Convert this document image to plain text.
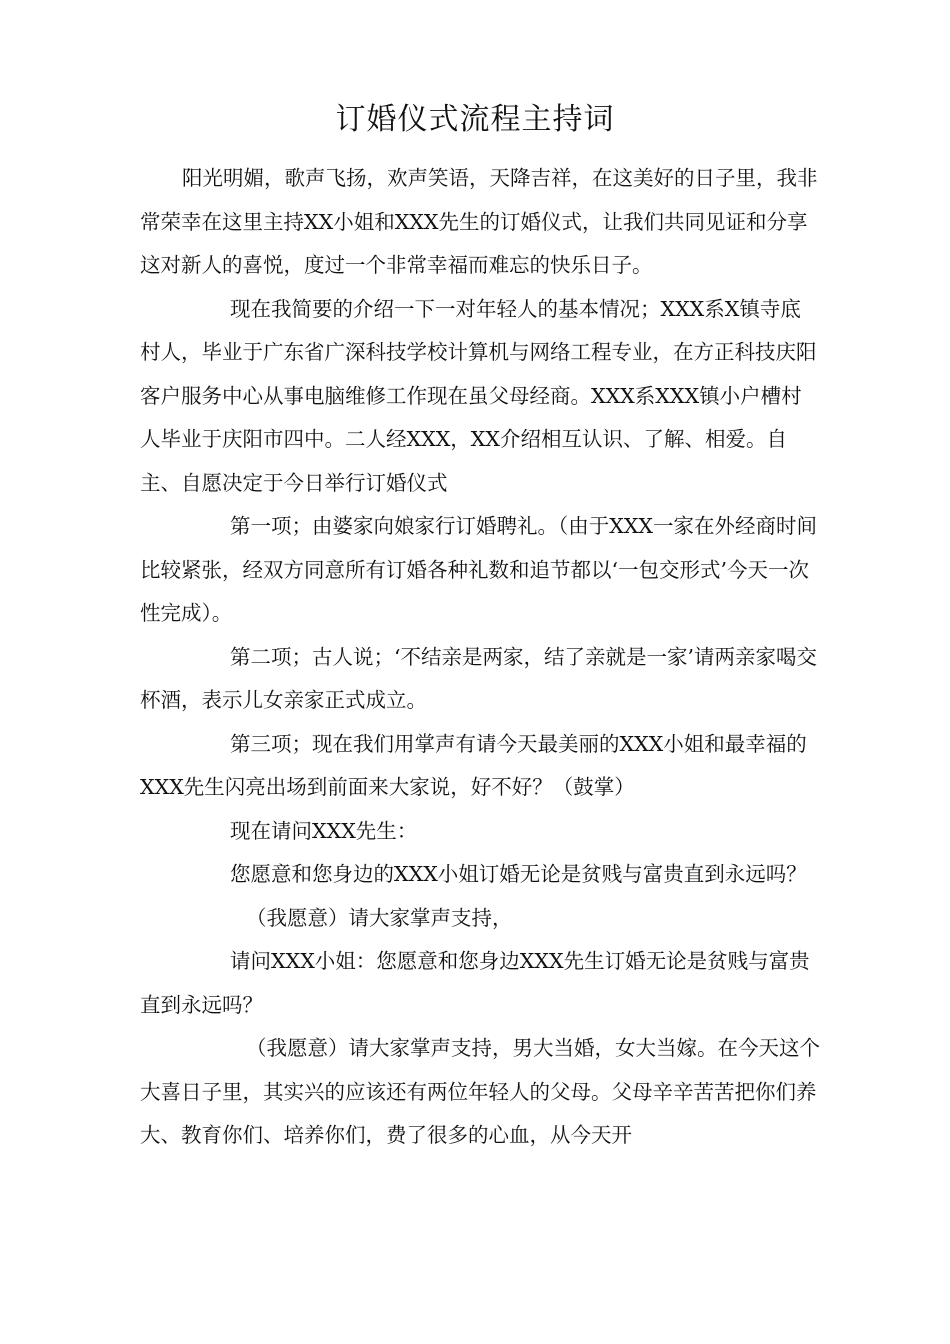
订婚仪式流程主持词

阳光明媚，歌声飞扬，欢声笑语，天降吉祥，在这美好的日子里，我非常荣幸在这里主持XX小姐和XXX先生的订婚仪式，让我们共同见证和分享这对新人的喜悦，度过一个非常幸福而难忘的快乐日子。

现在我简要的介绍一下一对年轻人的基本情况；XXX系X镇寺底村人，毕业于广东省广深科技学校计算机与网络工程专业，在方正科技庆阳客户服务中心从事电脑维修工作现在虽父母经商。XXX系XXX镇小户槽村人毕业于庆阳市四中。二人经XXX，XX介绍相互认识、了解、相爱。自主、自愿决定于今日举行订婚仪式

第一项；由婆家向娘家行订婚聘礼。（由于XXX一家在外经商时间比较紧张，经双方同意所有订婚各种礼数和追节都以‘一包交形式’今天一次性完成）。

第二项；古人说；‘不结亲是两家，结了亲就是一家’请两亲家喝交杯酒，表示儿女亲家正式成立。

第三项；现在我们用掌声有请今天最美丽的XXX小姐和最幸福的XXX先生闪亮出场到前面来大家说，好不好？（鼓掌）

现在请问XXX先生：

您愿意和您身边的XXX小姐订婚无论是贫贱与富贵直到永远吗？

（我愿意）请大家掌声支持，

请问XXX小姐：您愿意和您身边XXX先生订婚无论是贫贱与富贵直到永远吗？

（我愿意）请大家掌声支持，男大当婚，女大当嫁。在今天这个大喜日子里，其实兴的应该还有两位年轻人的父母。父母辛辛苦苦把你们养大、教育你们、培养你们，费了很多的心血，从今天开
